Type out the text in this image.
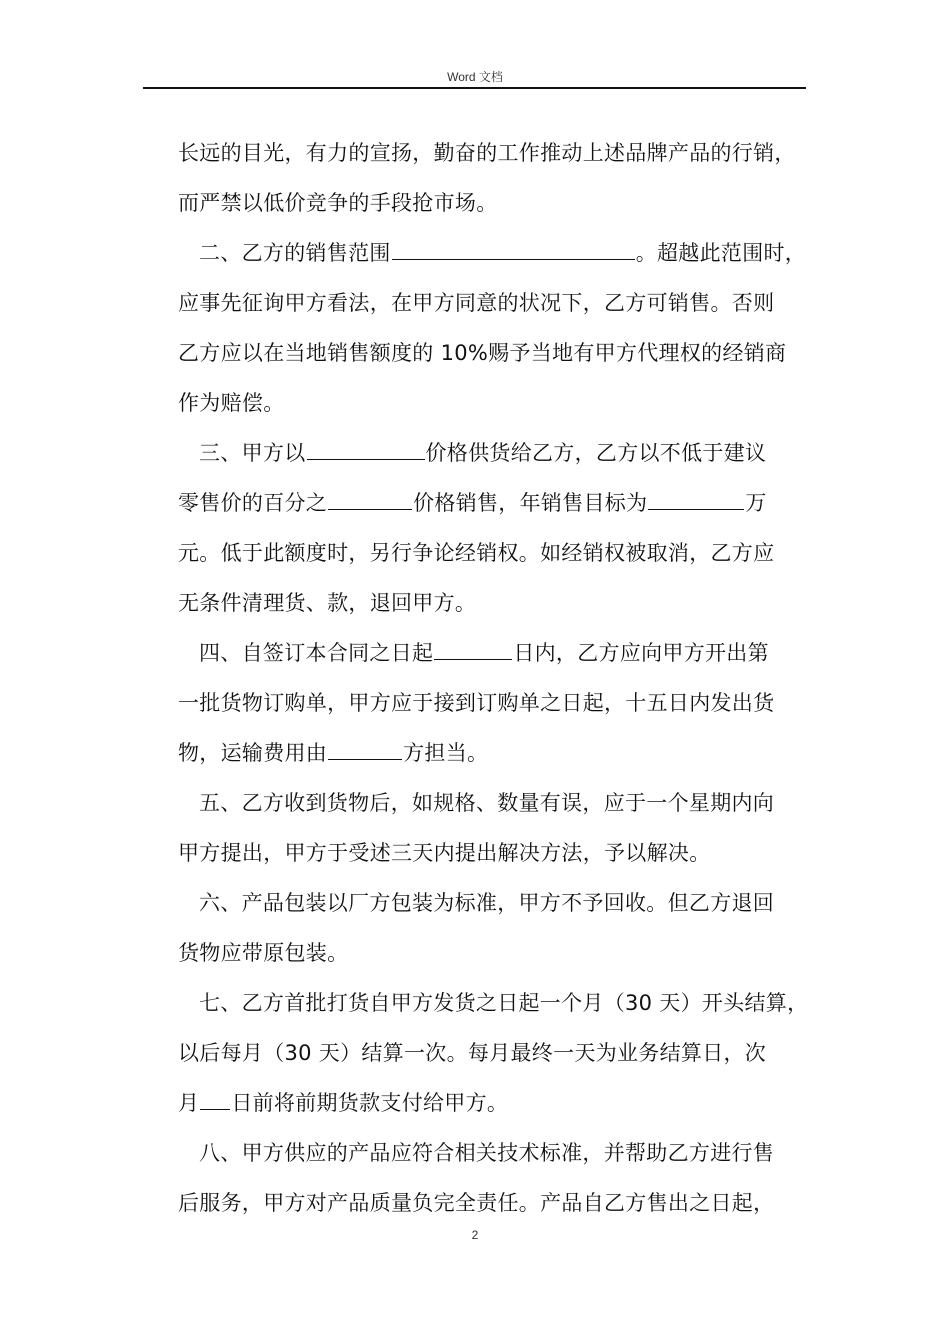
Word 文档
长远的目光，有力的宣扬，勤奋的工作推动上述品牌产品的行销，
而严禁以低价竞争的手段抢市场。
二、乙方的销售范围	。超越此范围时，
应事先征询甲方看法，在甲方同意的状况下，乙方可销售。否则
乙方应以在当地销售额度的 10%赐予当地有甲方代理权的经销商
作为赔偿。
三、甲方以	价格供货给乙方，乙方以不低于建议
零售价的百分之	价格销售，年销售目标为	万
元。低于此额度时，另行争论经销权。如经销权被取消，乙方应
无条件清理货、款，退回甲方。
四、自签订本合同之日起	日内，乙方应向甲方开出第
一批货物订购单，甲方应于接到订购单之日起，十五日内发出货
物，运输费用由	方担当。
五、乙方收到货物后，如规格、数量有误，应于一个星期内向
甲方提出，甲方于受述三天内提出解决方法，予以解决。
六、产品包装以厂方包装为标准，甲方不予回收。但乙方退回
货物应带原包装。
七、乙方首批打货自甲方发货之日起一个月（30 天）开头结算，
以后每月（30 天）结算一次。每月最终一天为业务结算日，次
月 日前将前期货款支付给甲方。
八、甲方供应的产品应符合相关技术标准，并帮助乙方进行售
后服务，甲方对产品质量负完全责任。产品自乙方售出之日起，
2
